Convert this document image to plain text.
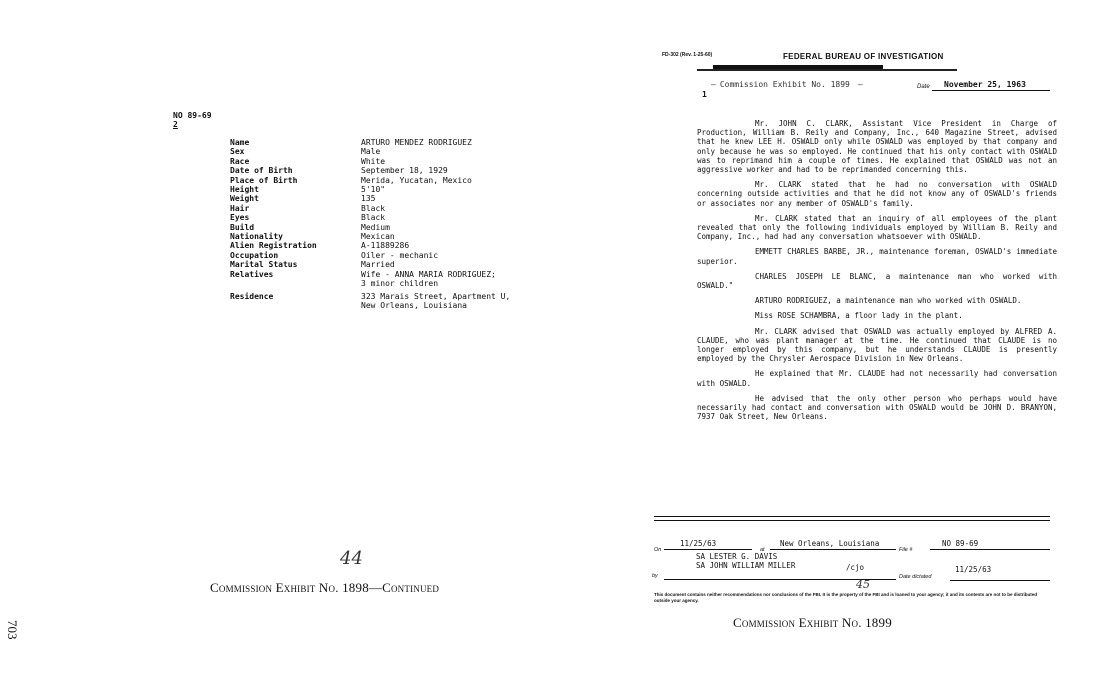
NO 89-69
2
Name	ARTURO MENDEZ RODRIGUEZ
Sex	Male
Race	White
Date of Birth	September 18, 1929
Place of Birth	Merida, Yucatan, Mexico
Height	5'10"
Weight	135
Hair	Black
Eyes	Black
Build	Medium
Nationality	Mexican
Alien Registration	A-11889286
Occupation	Oiler - mechanic
Marital Status	Married
Relatives	Wife - ANNA MARIA RODRIGUEZ;
3 minor children
Residence	323 Marais Street, Apartment U,
New Orleans, Louisiana
44
Commission Exhibit No. 1898—Continued
703
FD-302 (Rev. 1-25-60)	FEDERAL BUREAU OF INVESTIGATION
— Commission Exhibit No. 1899 —	Date November 25, 1963
1

Mr. JOHN C. CLARK, Assistant Vice President in Charge of Production, William B. Reily and Company, Inc., 640 Magazine Street, advised that he knew LEE H. OSWALD only while OSWALD was employed by that company and only because he was so employed. He continued that his only contact with OSWALD was to reprimand him a couple of times. He explained that OSWALD was not an aggressive worker and had to be reprimanded concerning this.

Mr. CLARK stated that he had no conversation with OSWALD concerning outside activities and that he did not know any of OSWALD's friends or associates nor any member of OSWALD's family.

Mr. CLARK stated that an inquiry of all employees of the plant revealed that only the following individuals employed by William B. Reily and Company, Inc., had had any conversation whatsoever with OSWALD.

EMMETT CHARLES BARBE, JR., maintenance foreman, OSWALD's immediate superior.

CHARLES JOSEPH LE BLANC, a maintenance man who worked with OSWALD."

ARTURO RODRIGUEZ, a maintenance man who worked with OSWALD.

Miss ROSE SCHAMBRA, a floor lady in the plant.

Mr. CLARK advised that OSWALD was actually employed by ALFRED A. CLAUDE, who was plant manager at the time. He continued that CLAUDE is no longer employed by this company, but he understands CLAUDE is presently employed by the Chrysler Aerospace Division in New Orleans.

He explained that Mr. CLAUDE had not necessarily had conversation with OSWALD.

He advised that the only other person who perhaps would have necessarily had contact and conversation with OSWALD would be JOHN D. BRANYON, 7937 Oak Street, New Orleans.

On
11/25/63
at
New Orleans, Louisiana
File #
NO 89-69
SA LESTER G. DAVIS
SA JOHN WILLIAM MILLER	/cjo
by	Date dictated
11/25/63
45
This document contains neither recommendations nor conclusions of the FBI. It is the property of the FBI and is loaned to your agency; it and its contents are not to be distributed outside your agency.
Commission Exhibit No. 1899
